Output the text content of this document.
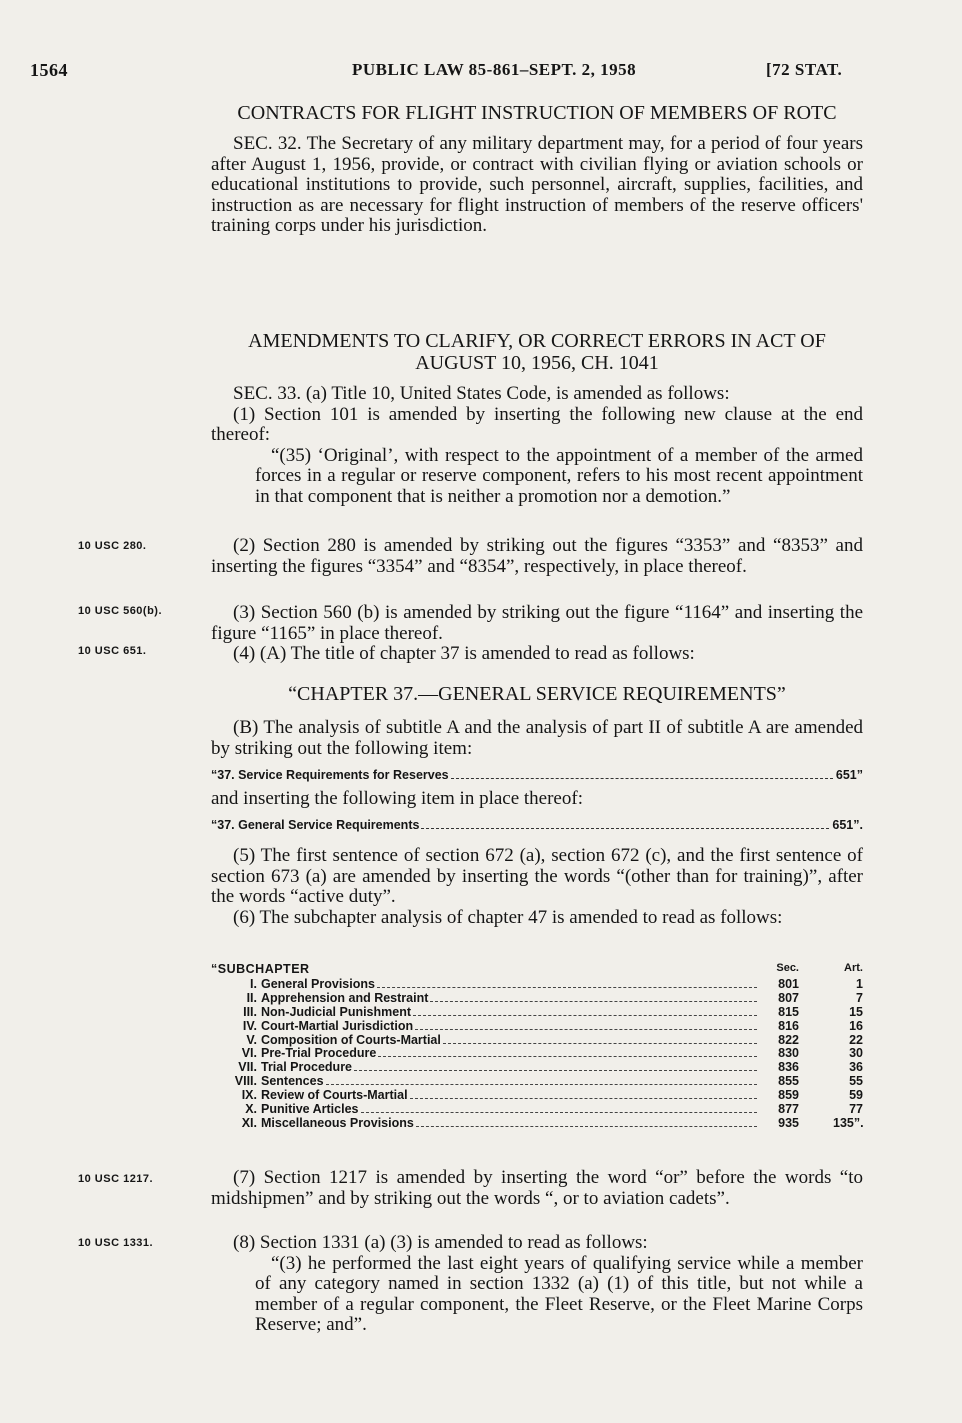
1564	PUBLIC LAW 85-861–SEPT. 2, 1958	[72 STAT.

CONTRACTS FOR FLIGHT INSTRUCTION OF MEMBERS OF ROTC

SEC. 32. The Secretary of any military department may, for a period of four years after August 1, 1956, provide, or contract with civilian flying or aviation schools or educational institutions to provide, such personnel, aircraft, supplies, facilities, and instruction as are necessary for flight instruction of members of the reserve officers' training corps under his jurisdiction.

AMENDMENTS TO CLARIFY, OR CORRECT ERRORS IN ACT OF AUGUST 10, 1956, CH. 1041

SEC. 33. (a) Title 10, United States Code, is amended as follows:

(1) Section 101 is amended by inserting the following new clause at the end thereof:

“(35) ‘Original’, with respect to the appointment of a member of the armed forces in a regular or reserve component, refers to his most recent appointment in that component that is neither a promotion nor a demotion.”

(2) Section 280 is amended by striking out the figures “3353” and “8353” and inserting the figures “3354” and “8354”, respectively, in place thereof.

(3) Section 560 (b) is amended by striking out the figure “1164” and inserting the figure “1165” in place thereof.

(4) (A) The title of chapter 37 is amended to read as follows:

“CHAPTER 37.—GENERAL SERVICE REQUIREMENTS”

(B) The analysis of subtitle A and the analysis of part II of subtitle A are amended by striking out the following item:

“37. Service Requirements for Reserves	651”

and inserting the following item in place thereof:

“37. General Service Requirements	651”.

(5) The first sentence of section 672 (a), section 672 (c), and the first sentence of section 673 (a) are amended by inserting the words “(other than for training)”, after the words “active duty”.

(6) The subchapter analysis of chapter 47 is amended to read as follows:

“SUBCHAPTER	Sec.	Art.
I. General Provisions	801	1
II. Apprehension and Restraint	807	7
III. Non-Judicial Punishment	815	15
IV. Court-Martial Jurisdiction	816	16
V. Composition of Courts-Martial	822	22
VI. Pre-Trial Procedure	830	30
VII. Trial Procedure	836	36
VIII. Sentences	855	55
IX. Review of Courts-Martial	859	59
X. Punitive Articles	877	77
XI. Miscellaneous Provisions	935	135”.

(7) Section 1217 is amended by inserting the word “or” before the words “to midshipmen” and by striking out the words “, or to aviation cadets”.

(8) Section 1331 (a) (3) is amended to read as follows:

“(3) he performed the last eight years of qualifying service while a member of any category named in section 1332 (a) (1) of this title, but not while a member of a regular component, the Fleet Reserve, or the Fleet Marine Corps Reserve; and”.

10 USC 280.
10 USC 560(b).
10 USC 651.
10 USC 1217.
10 USC 1331.
